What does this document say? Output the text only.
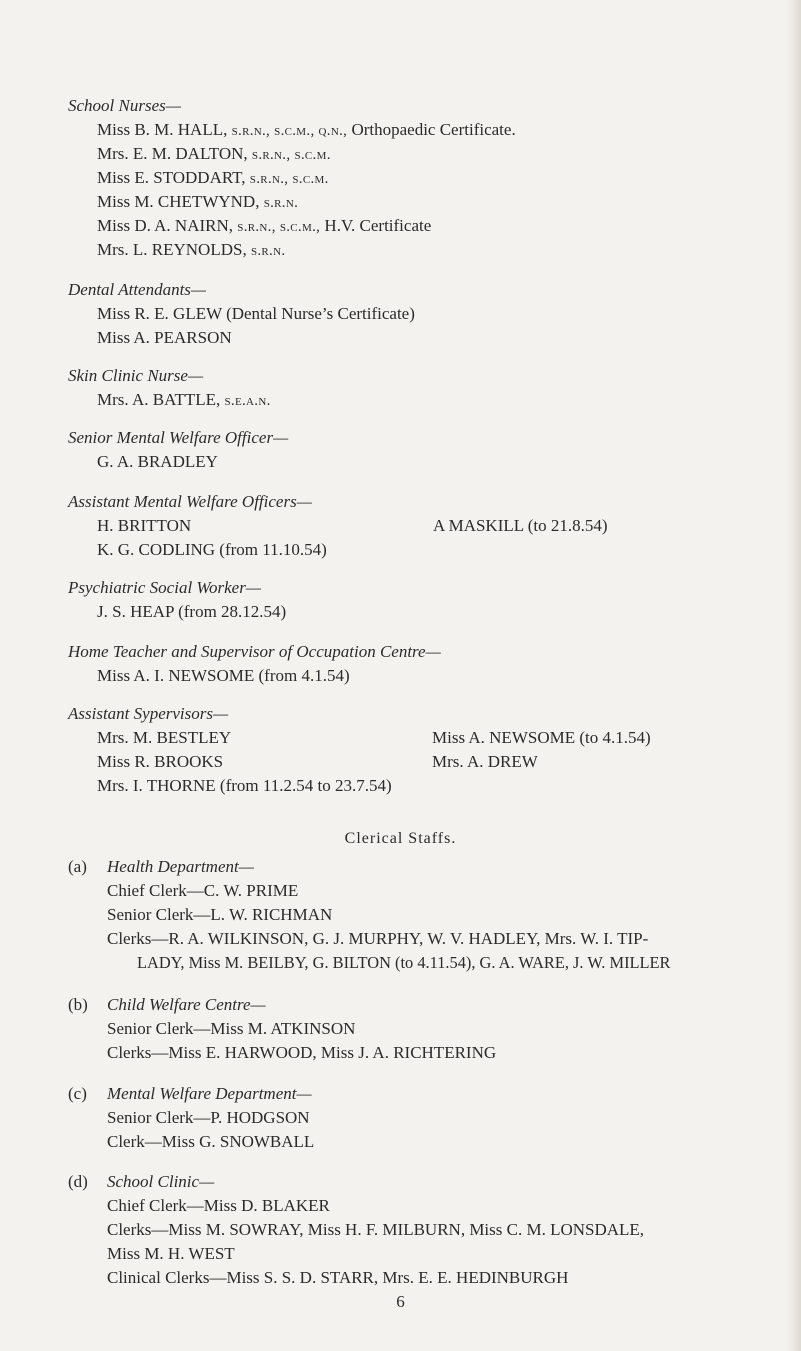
School Nurses—
Miss B. M. HALL, s.r.n., s.c.m., q.n., Orthopaedic Certificate.
Mrs. E. M. DALTON, s.r.n., s.c.m.
Miss E. STODDART, s.r.n., s.c.m.
Miss M. CHETWYND, s.r.n.
Miss D. A. NAIRN, s.r.n., s.c.m., H.V. Certificate
Mrs. L. REYNOLDS, s.r.n.
Dental Attendants—
Miss R. E. GLEW (Dental Nurse’s Certificate)
Miss A. PEARSON
Skin Clinic Nurse—
Mrs. A. BATTLE, s.e.a.n.
Senior Mental Welfare Officer—
G. A. BRADLEY
Assistant Mental Welfare Officers—
H. BRITTON	A MASKILL (to 21.8.54)
K. G. CODLING (from 11.10.54)
Psychiatric Social Worker—
J. S. HEAP (from 28.12.54)
Home Teacher and Supervisor of Occupation Centre—
Miss A. I. NEWSOME (from 4.1.54)
Assistant Sypervisors—
Mrs. M. BESTLEY	Miss A. NEWSOME (to 4.1.54)
Miss R. BROOKS	Mrs. A. DREW
Mrs. I. THORNE (from 11.2.54 to 23.7.54)
Clerical Staffs.
(a) Health Department—
Chief Clerk—C. W. PRIME
Senior Clerk—L. W. RICHMAN
Clerks—R. A. WILKINSON, G. J. MURPHY, W. V. HADLEY, Mrs. W. I. TIP-
LADY, Miss M. BEILBY, G. BILTON (to 4.11.54), G. A. WARE, J. W. MILLER
(b) Child Welfare Centre—
Senior Clerk—Miss M. ATKINSON
Clerks—Miss E. HARWOOD, Miss J. A. RICHTERING
(c) Mental Welfare Department—
Senior Clerk—P. HODGSON
Clerk—Miss G. SNOWBALL
(d) School Clinic—
Chief Clerk—Miss D. BLAKER
Clerks—Miss M. SOWRAY, Miss H. F. MILBURN, Miss C. M. LONSDALE,
Miss M. H. WEST
Clinical Clerks—Miss S. S. D. STARR, Mrs. E. E. HEDINBURGH
6
